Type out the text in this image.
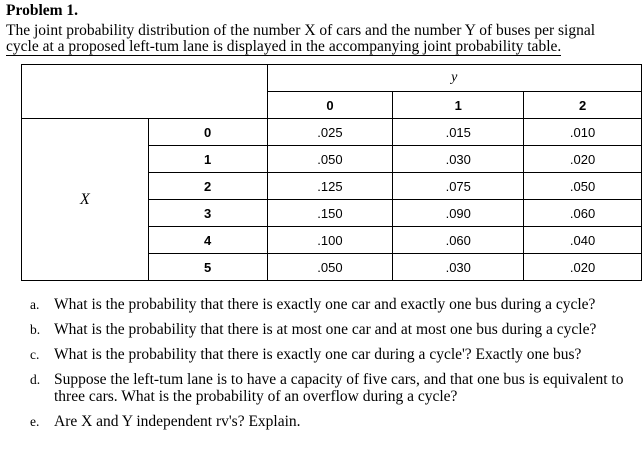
Problem 1.
The joint probability distribution of the number X of cars and the number Y of buses per signal
cycle at a proposed left-tum lane is displayed in the accompanying joint probability table.
		y		
		0	1	2
X	0	.025	.015	.010
	1	.050	.030	.020
	2	.125	.075	.050
	3	.150	.090	.060
	4	.100	.060	.040
	5	.050	.030	.020
a. What is the probability that there is exactly one car and exactly one bus during a cycle?
b. What is the probability that there is at most one car and at most one bus during a cycle?
c. What is the probability that there is exactly one car during a cycle'? Exactly one bus?
d. Suppose the left-tum lane is to have a capacity of five cars, and that one bus is equivalent to three cars. What is the probability of an overflow during a cycle?
e. Are X and Y independent rv's? Explain.
